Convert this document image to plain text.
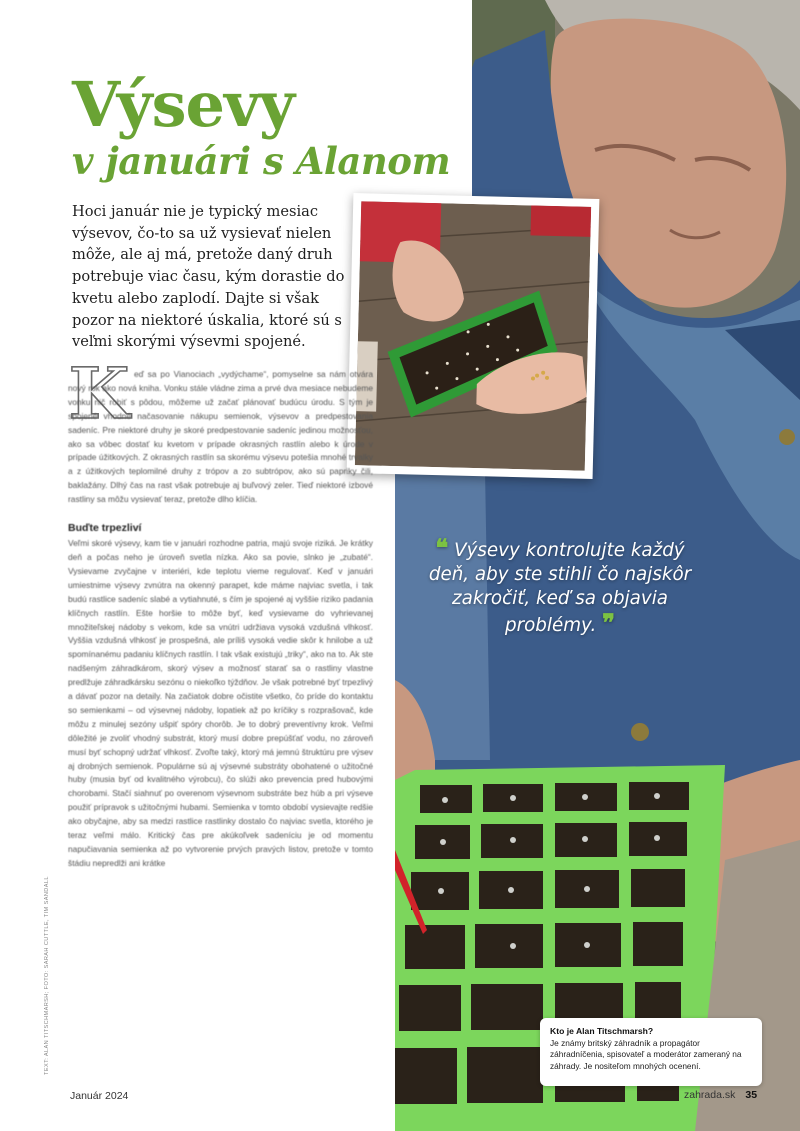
Výsevy
v januári s Alanom

Hoci január nie je typický mesiac výsevov, čo-to sa už vysievať nielen môže, ale aj má, pretože daný druh potrebuje viac času, kým dorastie do kvetu alebo zaplodí. Dajte si však pozor na niektoré úskalia, ktoré sú s veľmi skorými výsevmi spojené.

K eď sa po Vianociach „vydýchame“, pomyselne sa nám otvára nový rok ako nová kniha. Vonku stále vládne zima a prvé dva mesiace nebudeme vonku nič robiť s pôdou, môžeme už začať plánovať budúcu úrodu. S tým je spojené vhodné načasovanie nákupu semienok, výsevov a predpestovania sadeníc. Pre niektoré druhy je skoré predpestovanie sadeníc jedinou možnosťou, ako sa vôbec dostať ku kvetom v prípade okrasných rastlín alebo k úrode v prípade úžitkových. Z okrasných rastlín sa skorému výsevu potešia mnohé trvalky a z úžitkových teplomilné druhy z trópov a zo subtrópov, ako sú papriky čili, baklažány. Dlhý čas na rast však potrebuje aj buľvový zeler. Tieď niektoré izbové rastliny sa môžu vysievať teraz, pretože dlho klíčia.

Buďte trpezliví

Veľmi skoré výsevy, kam tie v januári rozhodne patria, majú svoje riziká. Je krátky deň a počas neho je úroveň svetla nízka. Ako sa povie, slnko je „zubaté“. Vysievame zvyčajne v interiéri, kde teplotu vieme regulovať. Keď v januári umiestnime výsevy zvnútra na okenný parapet, kde máme najviac svetla, i tak budú rastlice sadeníc slabé a vytiahnuté, s čím je spojené aj vyššie riziko padania klíčnych rastlín. Ešte horšie to môže byť, keď vysievame do vyhrievanej množiteľskej nádoby s vekom, kde sa vnútri udržiava vysoká vzdušná vlhkosť. Vyššia vzdušná vlhkosť je prospešná, ale príliš vysoká vedie skôr k hnilobe a už spomínanému padaniu klíčnych rastlín. I tak však existujú „triky“, ako na to. Ak ste nadšeným záhradkárom, skorý výsev a možnosť starať sa o rastliny vlastne predlžuje záhradkársku sezónu o niekoľko týždňov. Je však potrebné byť trpezlivý a dávať pozor na detaily. Na začiatok dobre očistite všetko, čo príde do kontaktu so semienkami – od výsevnej nádoby, lopatiek až po kríčiky s rozprašovač, kde môžu z minulej sezóny ušpiť spóry chorôb. Je to dobrý preventívny krok. Veľmi dôležité je zvoliť vhodný substrát, ktorý musí dobre prepúšťať vodu, no zároveň musí byť schopný udržať vlhkosť. Zvoľte taký, ktorý má jemnú štruktúru pre výsev aj drobných semienok. Populárne sú aj výsevné substráty obohatené o užitočné huby (musia byť od kvalitného výrobcu), čo slúži ako prevencia pred hubovými chorobami. Stačí siahnuť po overenom výsevnom substráte bez húb a pri výseve použiť prípravok s užitočnými hubami. Semienka v tomto období vysievajte redšie ako obyčajne, aby sa medzi rastlice rastlinky dostalo čo najviac svetla, ktorého je teraz veľmi málo. Kritický čas pre akúkoľvek sadeníciu je od momentu napučiavania semienka až po vytvorenie prvých pravých listov, pretože v tomto štádiu nepredlži ani krátke

TEXT: ALAN TITSCHMARSH; FOTO: SARAH CUTTLE, TIM SANDALL
❝ Výsevy kontrolujte každý deň, aby ste stihli čo najskôr zakročiť, keď sa objavia problémy. ❞
Kto je Alan Titschmarsh?
Je známy britský záhradník a propagátor záhradníčenia, spisovateľ a moderátor zameraný na záhrady. Je nositeľom mnohých ocenení.
Január 2024	zahrada.sk 35
